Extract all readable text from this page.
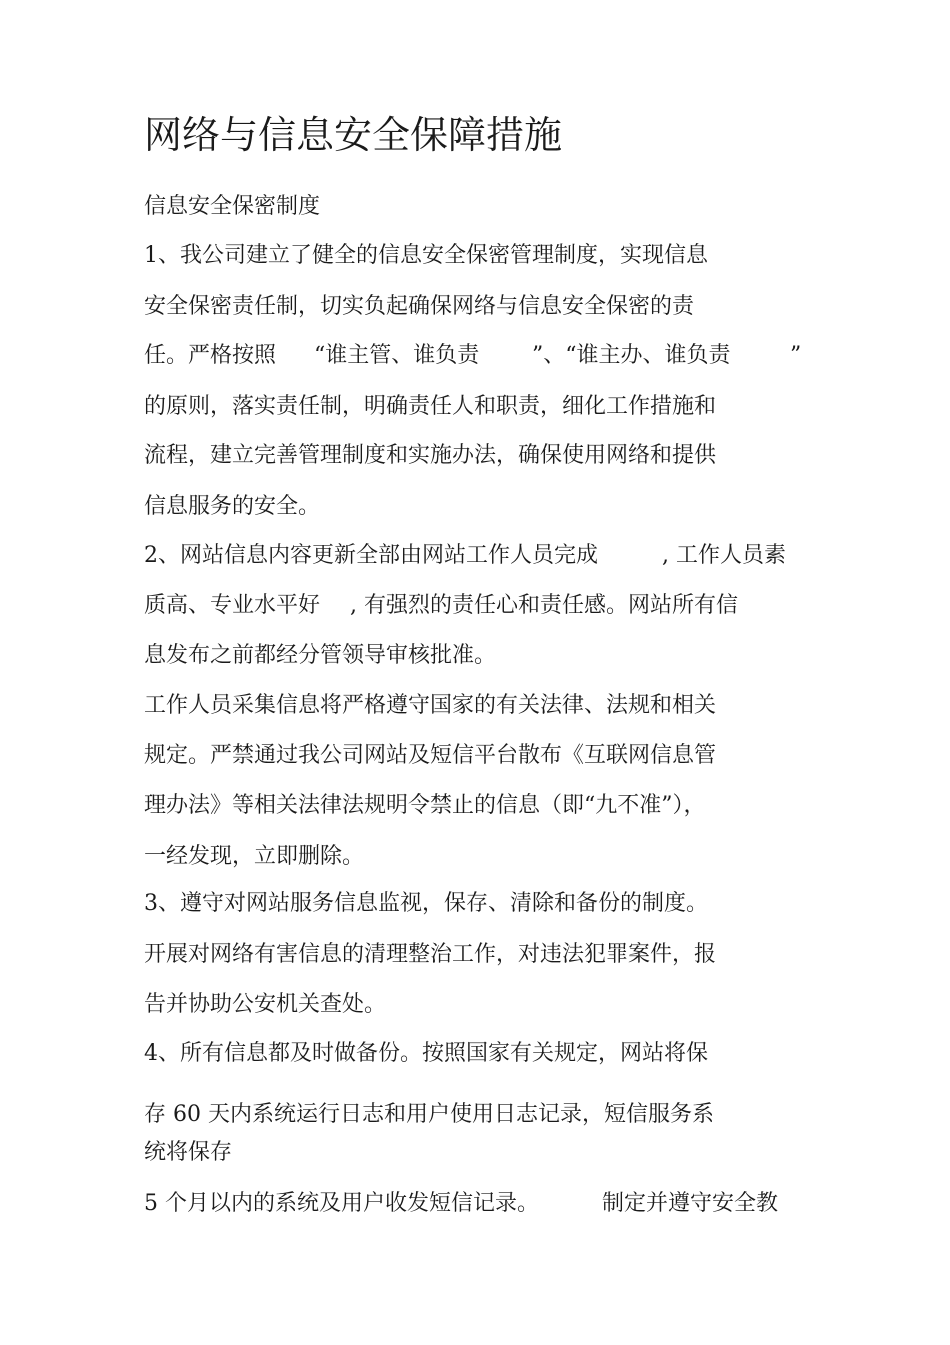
网络与信息安全保障措施

信息安全保密制度

1、我公司建立了健全的信息安全保密管理制度，实现信息

安全保密责任制，切实负起确保网络与信息安全保密的责

任。严格按照 “谁主管、谁负责 ”、“谁主办、谁负责	”

的原则，落实责任制，明确责任人和职责，细化工作措施和

流程，建立完善管理制度和实施办法，确保使用网络和提供

信息服务的安全。

2、网站信息内容更新全部由网站工作人员完成	, 工作人员素

质高、专业水平好 , 有强烈的责任心和责任感。网站所有信

息发布之前都经分管领导审核批准。

工作人员采集信息将严格遵守国家的有关法律、法规和相关

规定。严禁通过我公司网站及短信平台散布《互联网信息管

理办法》等相关法律法规明令禁止的信息（即“九不准”），

一经发现，立即删除。

3、遵守对网站服务信息监视，保存、清除和备份的制度。

开展对网络有害信息的清理整治工作，对违法犯罪案件，报

告并协助公安机关查处。

4、所有信息都及时做备份。按照国家有关规定，网站将保

存 60 天内系统运行日志和用户使用日志记录，短信服务系

统将保存

5 个月以内的系统及用户收发短信记录。	制定并遵守安全教
